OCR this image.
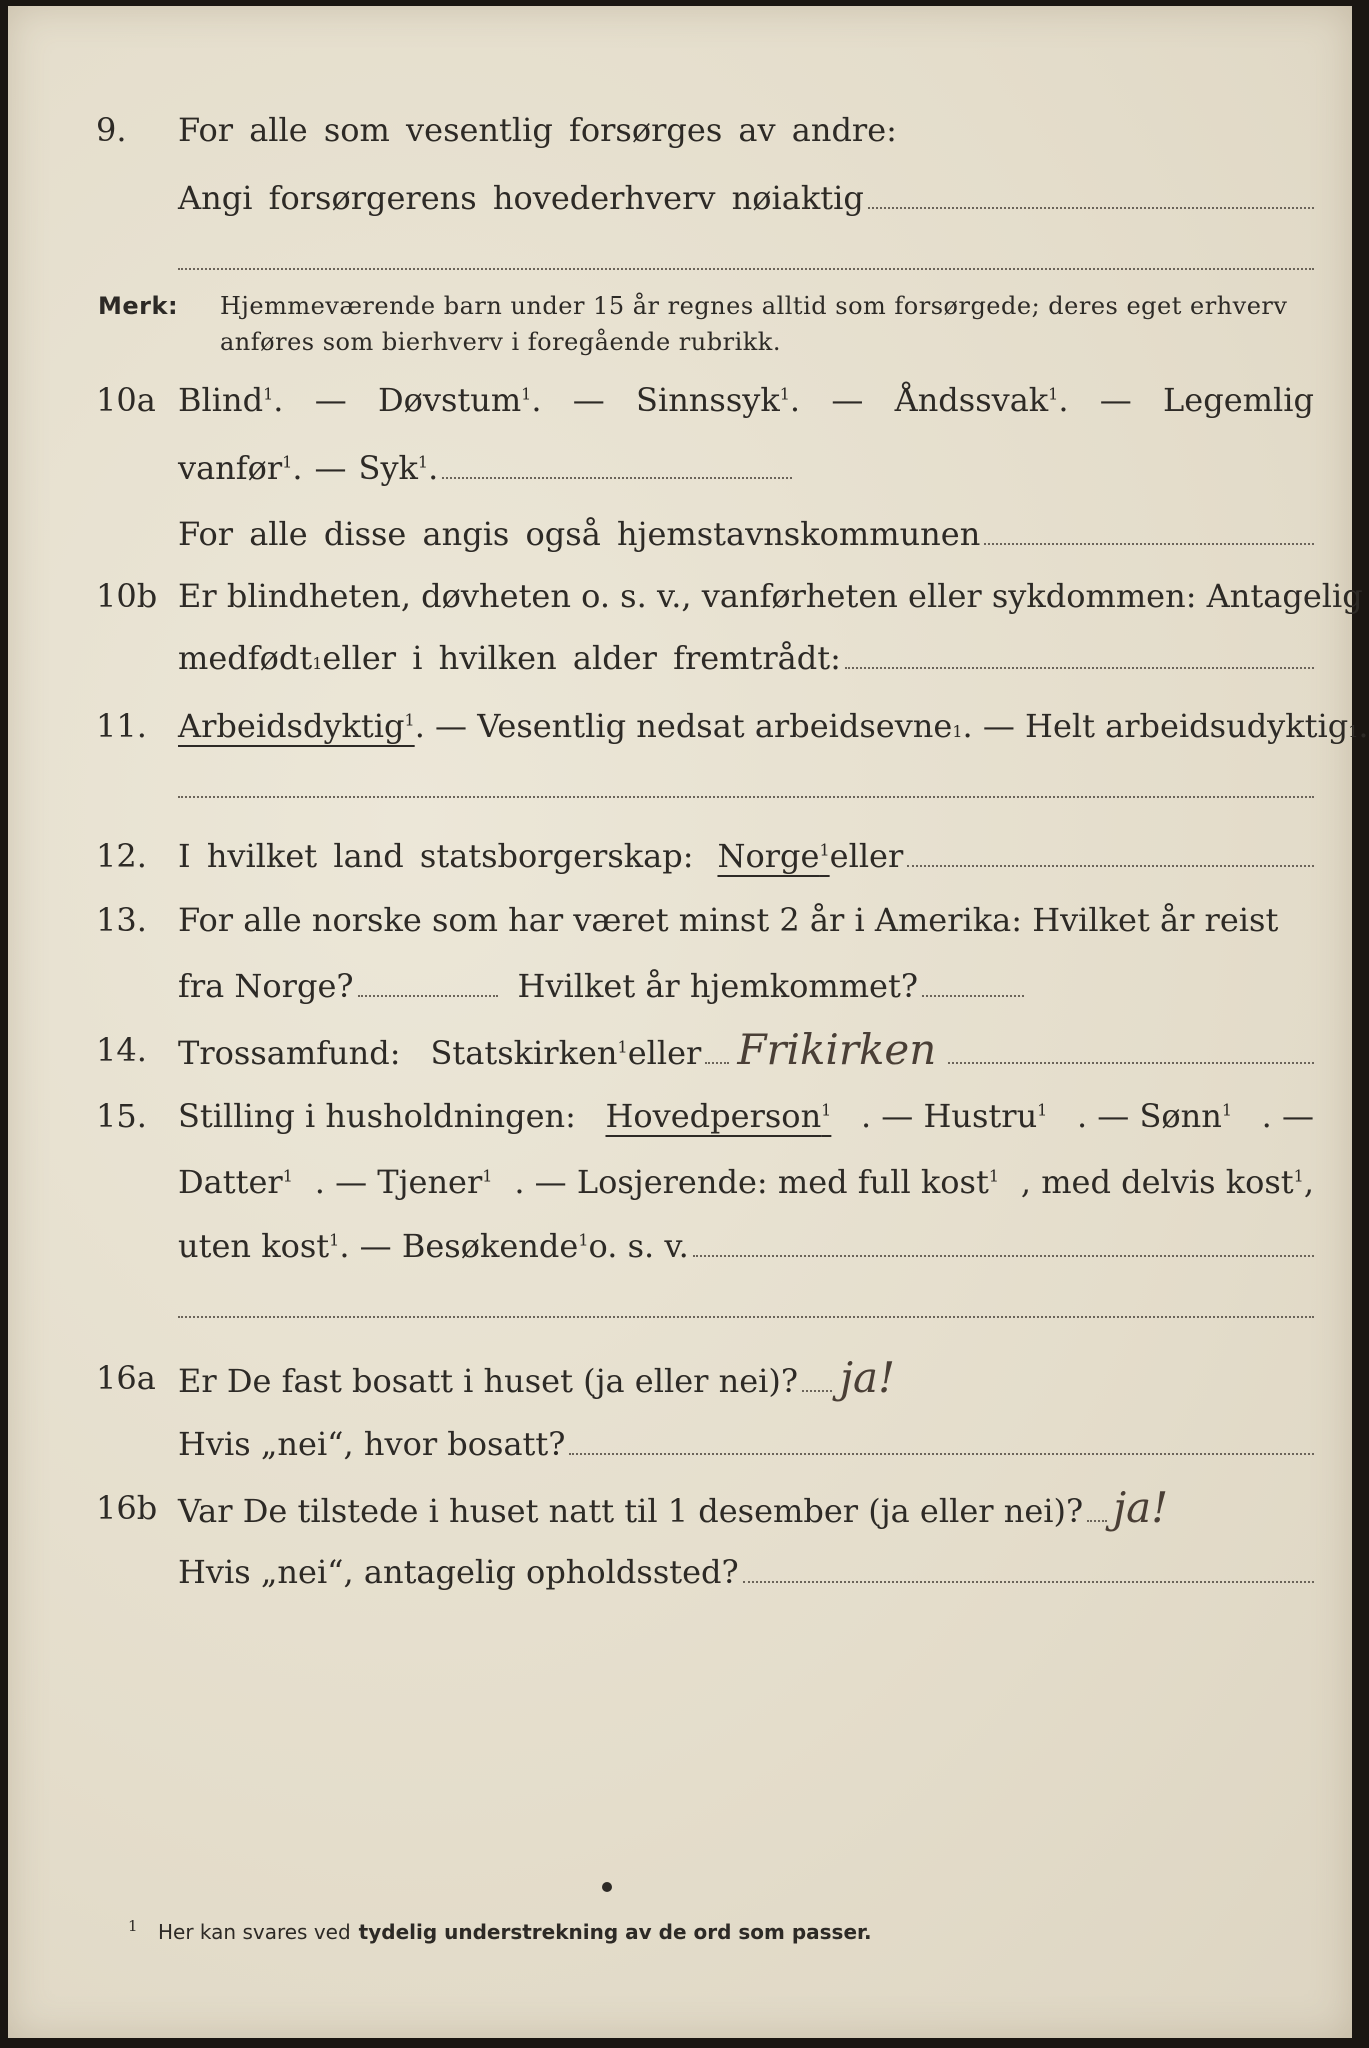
9. For alle som vesentlig forsørges av andre:
Angi forsørgerens hovederhverv nøiaktig
Merk: Hjemmeværende barn under 15 år regnes alltid som forsørgede; deres eget erhverv
anføres som bierhverv i foregående rubrikk.
10a Blind$^1$. — Døvstum$^1$. — Sinnssyk$^1$. — Åndssvak$^1$. — Legemlig
vanfør$^1$. — Syk$^1$.
For alle disse angis også hjemstavnskommunen
10b Er blindheten, døvheten o. s. v., vanførheten eller sykdommen: Antagelig
medfødt 1 eller i hvilken alder fremtrådt:
11. Arbeidsdyktig$^1$ . — Vesentlig nedsat arbeidsevne 1 . — Helt arbeidsudyktig 1 .
12. I hvilket land statsborgerskap: Norge$^1$ eller
13. For alle norske som har været minst 2 år i Amerika: Hvilket år reist
fra Norge?	Hvilket år hjemkommet?
14. Trossamfund: Statskirken$^1$ eller Frikirken
15. Stilling i husholdningen: Hovedperson$^1$ . — Hustru$^1$ . — Sønn$^1$ . —
Datter$^1$ . — Tjener$^1$ . — Losjerende: med full kost$^1$ , med delvis kost$^1$,
uten kost$^1$ . — Besøkende$^1$ o. s. v.
16a Er De fast bosatt i huset (ja eller nei)? ja!
Hvis „nei“, hvor bosatt?
16b Var De tilstede i huset natt til 1 desember (ja eller nei)? ja!
Hvis „nei“, antagelig opholdssted?
1 Her kan svares ved tydelig understrekning av de ord som passer.
